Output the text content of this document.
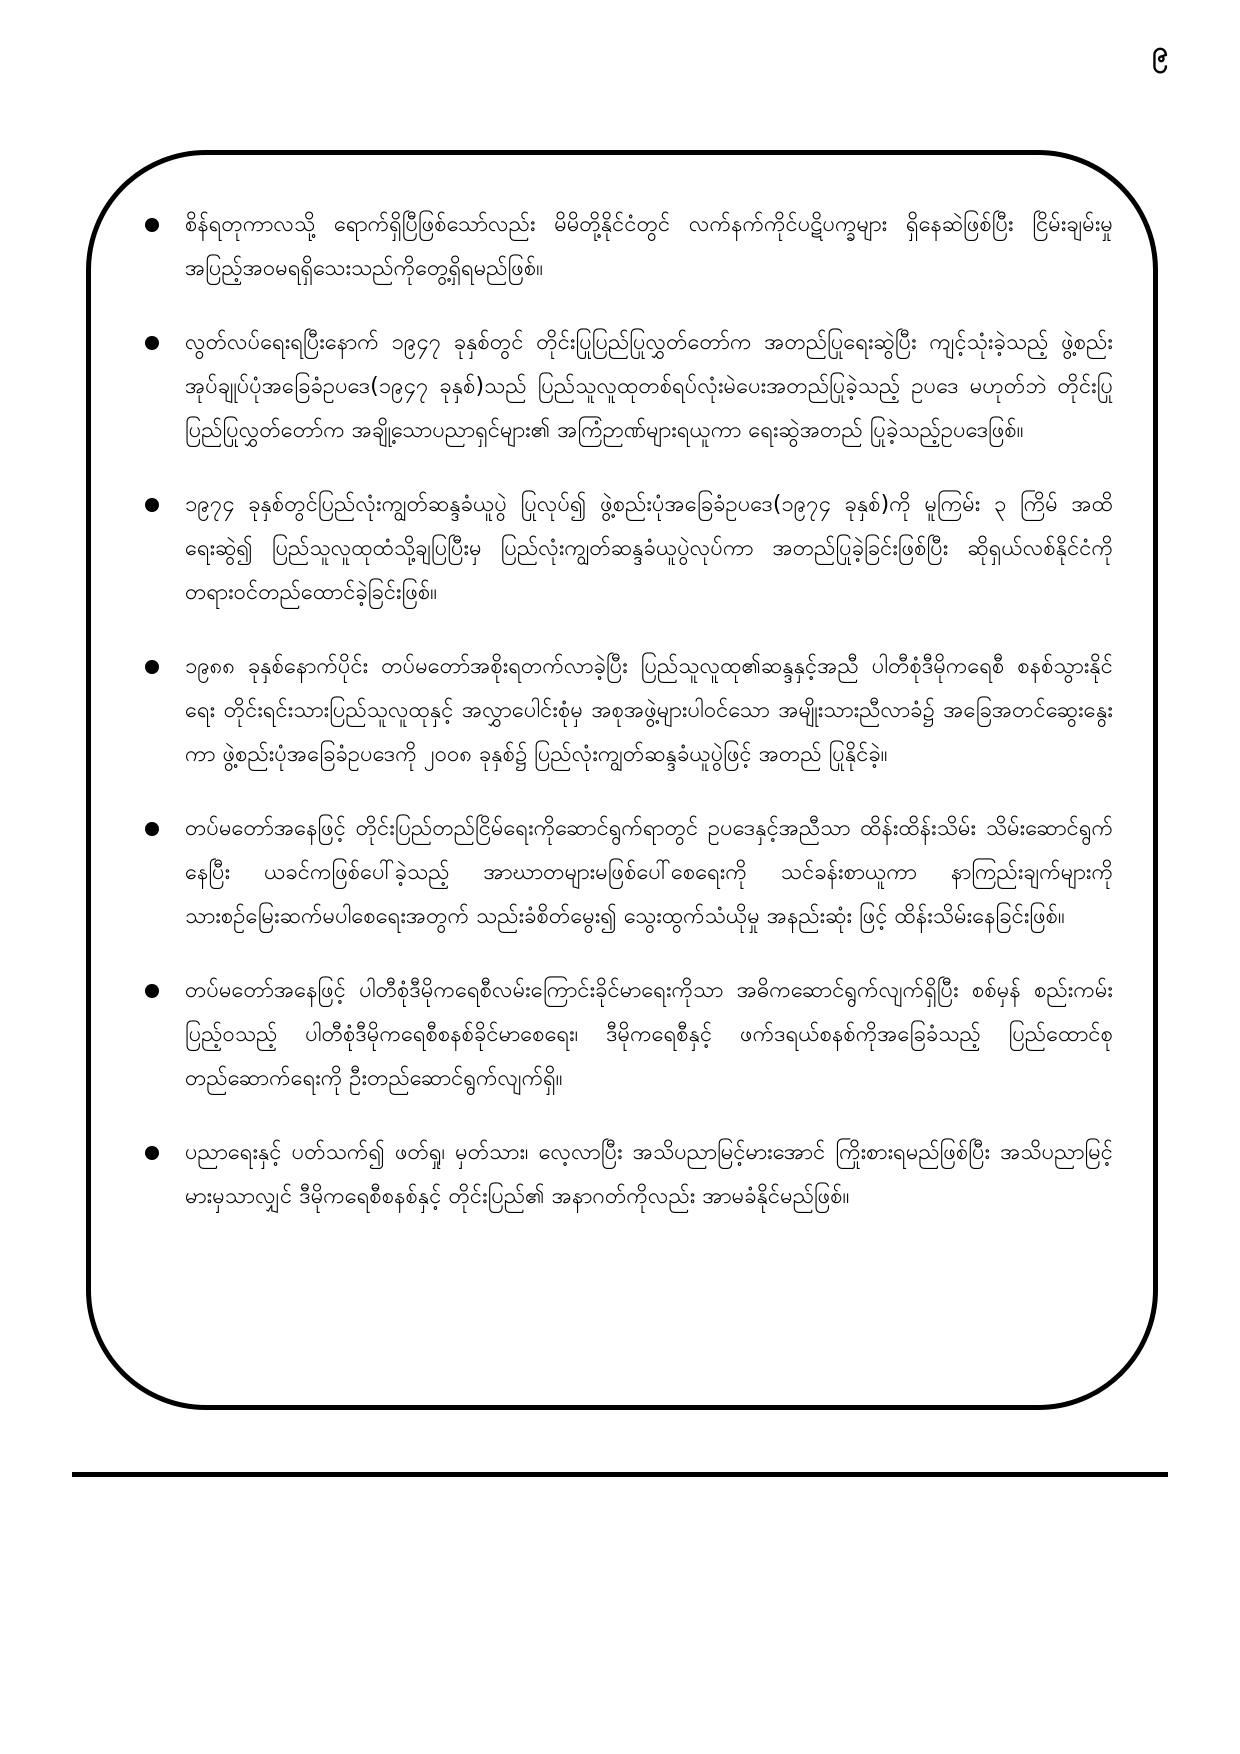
၉
စိန်ရတုကာလသို့ ရောက်ရှိပြီဖြစ်သော်လည်း မိမိတို့နိုင်ငံတွင် လက်နက်ကိုင်ပဋိပက္ခများ ရှိနေဆဲဖြစ်ပြီး ငြိမ်းချမ်းမှုအပြည့်အဝမရရှိသေးသည်ကိုတွေ့ရှိရမည်ဖြစ်။
လွတ်လပ်ရေးရပြီးနောက် ၁၉၄၇ ခုနှစ်တွင် တိုင်းပြုပြည်ပြုလွှတ်တော်က အတည်ပြုရေးဆွဲပြီး ကျင့်သုံးခဲ့သည့် ဖွဲ့စည်းအုပ်ချုပ်ပုံအခြေခံဥပဒေ(၁၉၄၇ ခုနှစ်)သည် ပြည်သူလူထုတစ်ရပ်လုံးမဲပေးအတည်ပြုခဲ့သည့် ဥပဒေ မဟုတ်ဘဲ တိုင်းပြုပြည်ပြုလွှတ်တော်က အချို့သောပညာရှင်များ၏ အကြံဉာဏ်များရယူကာ ရေးဆွဲအတည် ပြုခဲ့သည့်ဥပဒေဖြစ်။
၁၉၇၄ ခုနှစ်တွင်ပြည်လုံးကျွတ်ဆန္ဒခံယူပွဲ ပြုလုပ်၍ ဖွဲ့စည်းပုံအခြေခံဥပဒေ(၁၉၇၄ ခုနှစ်)ကို မူကြမ်း ၃ ကြိမ် အထိရေးဆွဲ၍ ပြည်သူလူထုထံသို့ချပြပြီးမှ ပြည်လုံးကျွတ်ဆန္ဒခံယူပွဲလုပ်ကာ အတည်ပြုခဲ့ခြင်းဖြစ်ပြီး ဆိုရှယ်လစ်နိုင်ငံကို တရားဝင်တည်ထောင်ခဲ့ခြင်းဖြစ်။
၁၉၈၈ ခုနှစ်နောက်ပိုင်း တပ်မတော်အစိုးရတက်လာခဲ့ပြီး ပြည်သူလူထု၏ဆန္ဒနှင့်အညီ ပါတီစုံဒီမိုကရေစီ စနစ်သွားနိုင်ရေး တိုင်းရင်းသားပြည်သူလူထုနှင့် အလွှာပေါင်းစုံမှ အစုအဖွဲ့များပါဝင်သော အမျိုးသားညီလာခံ၌ အခြေအတင်ဆွေးနွေးကာ ဖွဲ့စည်းပုံအခြေခံဥပဒေကို ၂၀၀၈ ခုနှစ်၌ ပြည်လုံးကျွတ်ဆန္ဒခံယူပွဲဖြင့် အတည် ပြုနိုင်ခဲ့။
တပ်မတော်အနေဖြင့် တိုင်းပြည်တည်ငြိမ်ရေးကိုဆောင်ရွက်ရာတွင် ဥပဒေနှင့်အညီသာ ထိန်းထိန်းသိမ်း သိမ်းဆောင်ရွက်နေပြီး ယခင်ကဖြစ်ပေါ်ခဲ့သည့် အာဃာတများမဖြစ်ပေါ်စေရေးကို သင်ခန်းစာယူကာ နာကြည်းချက်များကို သားစဉ်မြေးဆက်မပါစေရေးအတွက် သည်းခံစိတ်မွေး၍ သွေးထွက်သံယိုမှု အနည်းဆုံး ဖြင့် ထိန်းသိမ်းနေခြင်းဖြစ်။
တပ်မတော်အနေဖြင့် ပါတီစုံဒီမိုကရေစီလမ်းကြောင်းခိုင်မာရေးကိုသာ အဓိကဆောင်ရွက်လျက်ရှိပြီး စစ်မှန် စည်းကမ်းပြည့်ဝသည့် ပါတီစုံဒီမိုကရေစီစနစ်ခိုင်မာစေရေး၊ ဒီမိုကရေစီနှင့် ဖက်ဒရယ်စနစ်ကိုအခြေခံသည့် ပြည်ထောင်စုတည်ဆောက်ရေးကို ဦးတည်ဆောင်ရွက်လျက်ရှိ။
ပညာရေးနှင့် ပတ်သက်၍ ဖတ်ရှု၊ မှတ်သား၊ လေ့လာပြီး အသိပညာမြင့်မားအောင် ကြိုးစားရမည်ဖြစ်ပြီး အသိပညာမြင့်မားမှသာလျှင် ဒီမိုကရေစီစနစ်နှင့် တိုင်းပြည်၏ အနာဂတ်ကိုလည်း အာမခံနိုင်မည်ဖြစ်။
